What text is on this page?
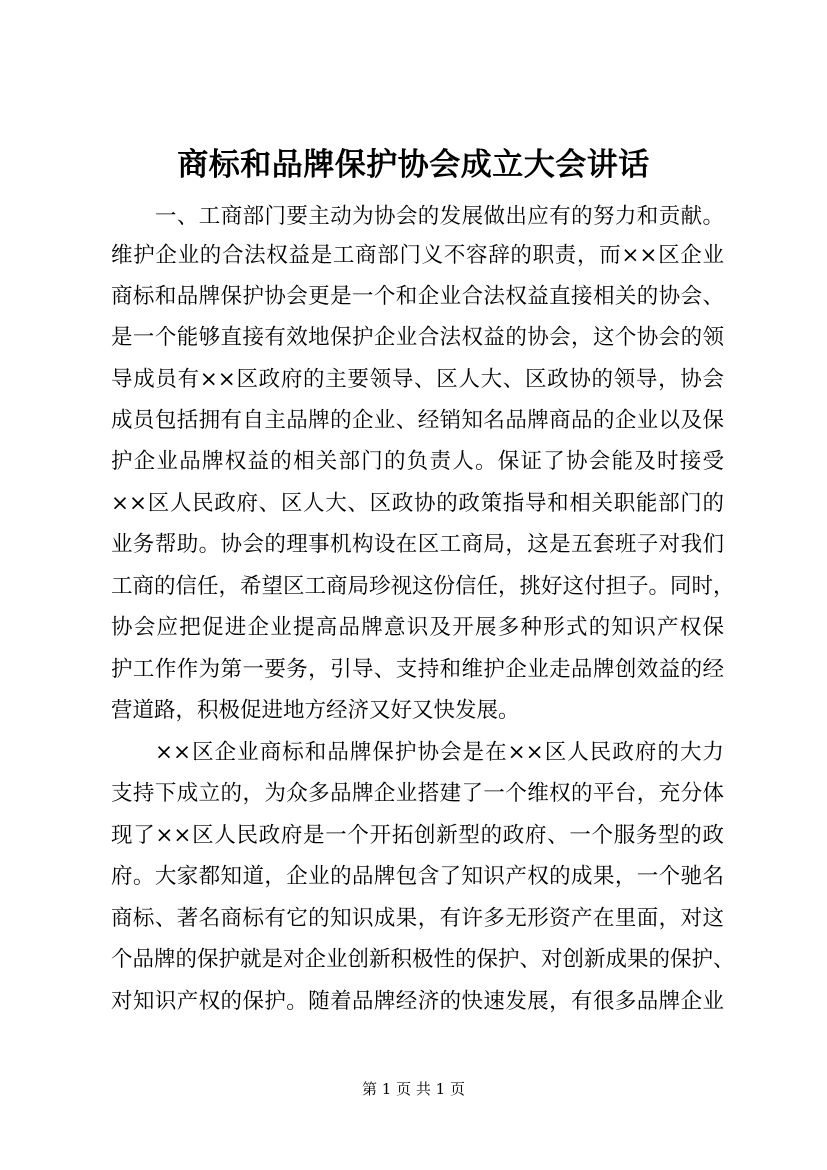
商标和品牌保护协会成立大会讲话
一、工商部门要主动为协会的发展做出应有的努力和贡献。
维护企业的合法权益是工商部门义不容辞的职责，而××区企业
商标和品牌保护协会更是一个和企业合法权益直接相关的协会、
是一个能够直接有效地保护企业合法权益的协会，这个协会的领
导成员有××区政府的主要领导、区人大、区政协的领导，协会
成员包括拥有自主品牌的企业、经销知名品牌商品的企业以及保
护企业品牌权益的相关部门的负责人。保证了协会能及时接受
××区人民政府、区人大、区政协的政策指导和相关职能部门的
业务帮助。协会的理事机构设在区工商局，这是五套班子对我们
工商的信任，希望区工商局珍视这份信任，挑好这付担子。同时，
协会应把促进企业提高品牌意识及开展多种形式的知识产权保
护工作作为第一要务，引导、支持和维护企业走品牌创效益的经
营道路，积极促进地方经济又好又快发展。
××区企业商标和品牌保护协会是在××区人民政府的大力
支持下成立的，为众多品牌企业搭建了一个维权的平台，充分体
现了××区人民政府是一个开拓创新型的政府、一个服务型的政
府。大家都知道，企业的品牌包含了知识产权的成果，一个驰名
商标、著名商标有它的知识成果，有许多无形资产在里面，对这
个品牌的保护就是对企业创新积极性的保护、对创新成果的保护、
对知识产权的保护。随着品牌经济的快速发展，有很多品牌企业
第 1 页 共 1 页
